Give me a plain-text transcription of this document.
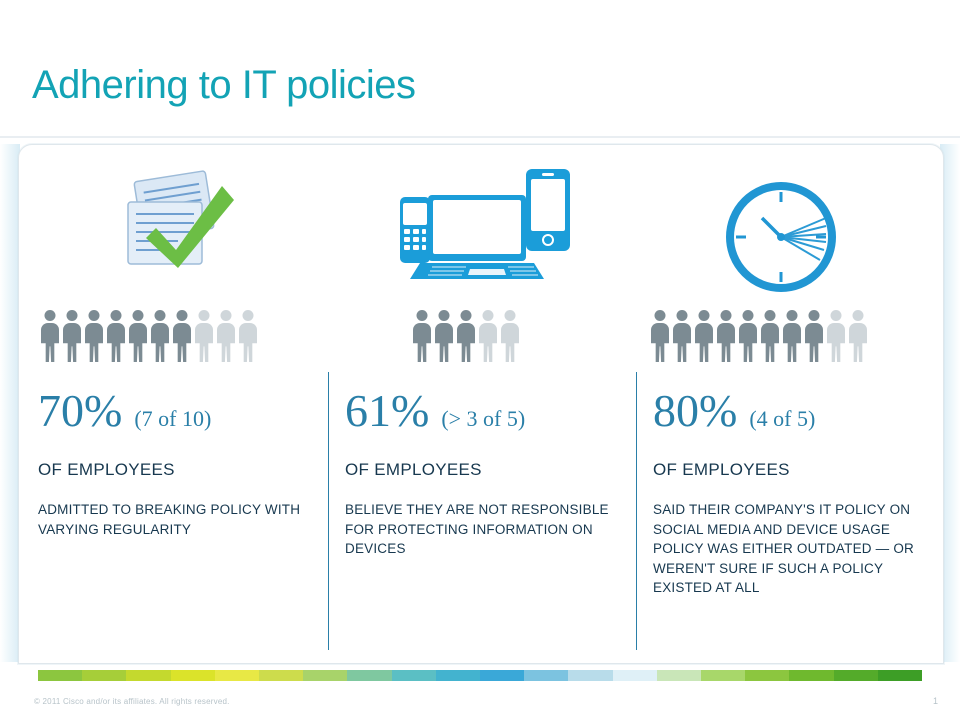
Adhering to IT policies
70% (7 of 10)
OF EMPLOYEES
ADMITTED TO BREAKING POLICY WITH VARYING REGULARITY
61% (> 3 of 5)
OF EMPLOYEES
BELIEVE THEY ARE NOT RESPONSIBLE FOR PROTECTING INFORMATION ON DEVICES
80% (4 of 5)
OF EMPLOYEES
SAID THEIR COMPANY'S IT POLICY ON SOCIAL MEDIA AND DEVICE USAGE POLICY WAS EITHER OUTDATED — OR WEREN'T SURE IF SUCH A POLICY EXISTED AT ALL
© 2011 Cisco and/or its affiliates. All rights reserved.	1
